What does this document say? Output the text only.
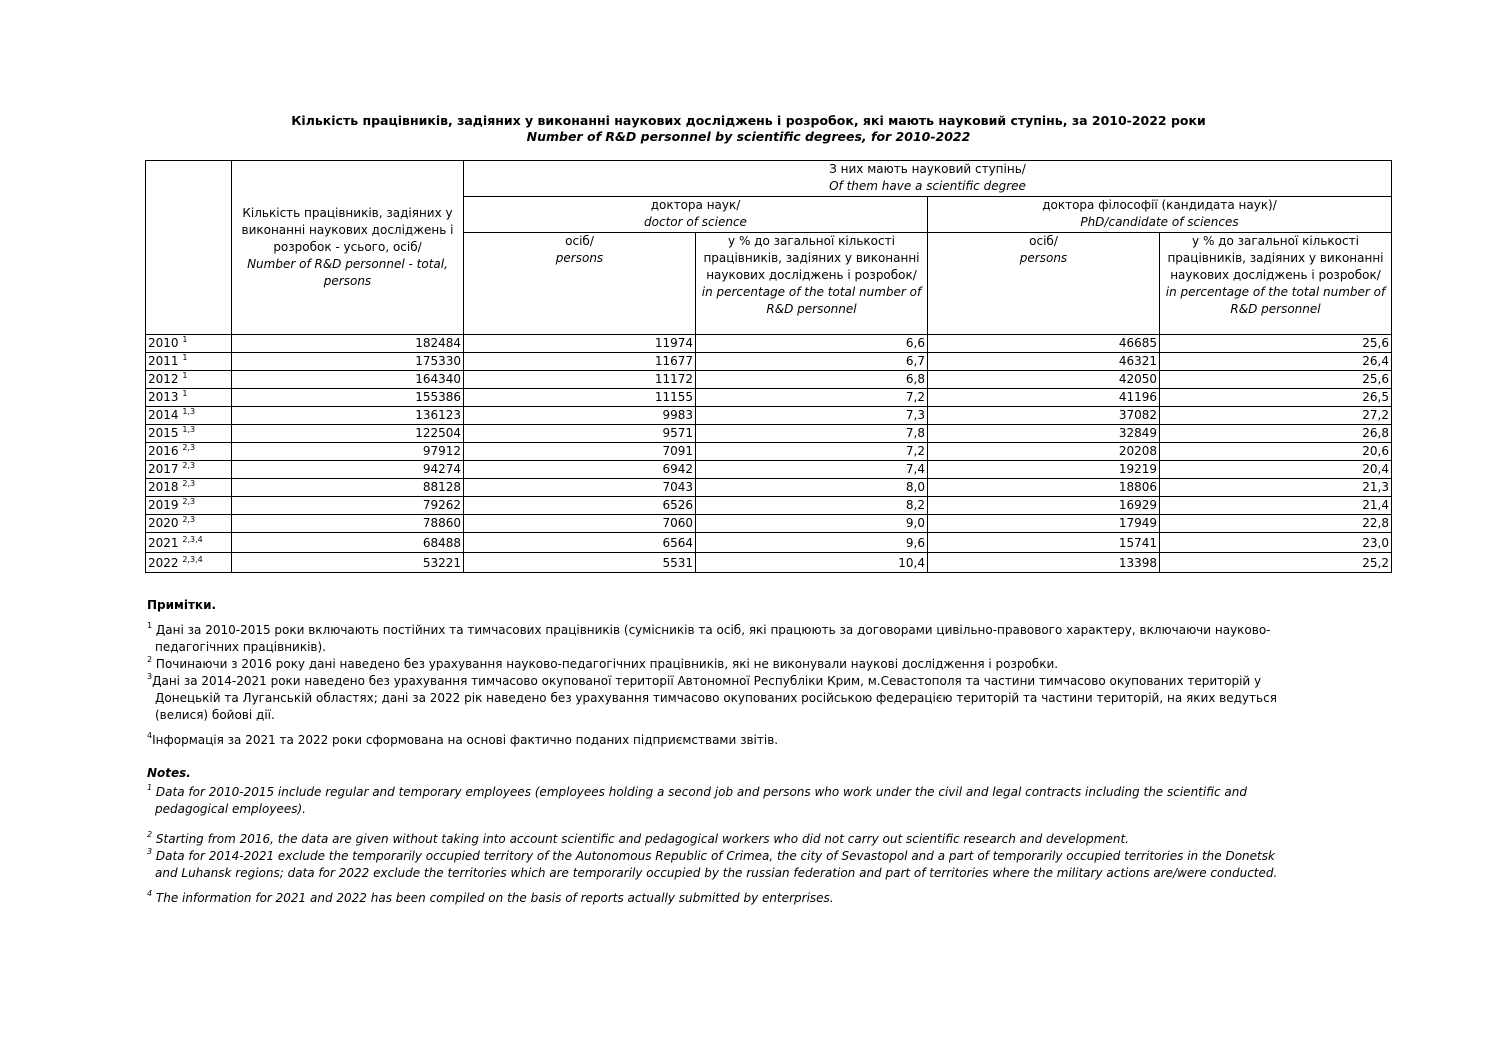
Кількість працівників, задіяних у виконанні наукових досліджень і розробок, які мають науковий ступінь, за 2010-2022 роки
Number of R&D personnel by scientific degrees, for 2010-2022
	Кількість працівників, задіяних у виконанні наукових досліджень і розробок - усього, осіб/
Number of R&D personnel - total, persons	З них мають науковий ступінь/
Of them have a scientific degree			
		доктора наук/
doctor of science		доктора філософії (кандидата наук)/
PhD/candidate of sciences	
		осіб/
persons	у % до загальної кількості працівників, задіяних у виконанні наукових досліджень і розробок/
in percentage of the total number of R&D personnel	осіб/
persons	у % до загальної кількості працівників, задіяних у виконанні наукових досліджень і розробок/
in percentage of the total number of R&D personnel
2010 $^1$	182484	11974	6,6	46685	25,6
2011 $^1$	175330	11677	6,7	46321	26,4
2012 $^1$	164340	11172	6,8	42050	25,6
2013 $^1$	155386	11155	7,2	41196	26,5
2014 $^{1,3}$	136123	9983	7,3	37082	27,2
2015 $^{1,3}$	122504	9571	7,8	32849	26,8
2016 $^{2,3}$	97912	7091	7,2	20208	20,6
2017 $^{2,3}$	94274	6942	7,4	19219	20,4
2018 $^{2,3}$	88128	7043	8,0	18806	21,3
2019 $^{2,3}$	79262	6526	8,2	16929	21,4
2020 $^{2,3}$	78860	7060	9,0	17949	22,8
2021 $^{2,3,4}$	68488	6564	9,6	15741	23,0
2022 $^{2,3,4}$	53221	5531	10,4	13398	25,2

Примітки.

$^1$ Дані за 2010-2015 роки включають постійних та тимчасових працівників (сумісників та осіб, які працюють за договорами цивільно-правового характеру, включаючи науково-

педагогічних працівників).

$^2$ Починаючи з 2016 року дані наведено без урахування науково-педагогічних працівників, які не виконували наукові дослідження і розробки.

$^3$Дані за 2014-2021 роки наведено без урахування тимчасово окупованої території Автономної Республіки Крим, м.Севастополя та частини тимчасово окупованих територій у

Донецькій та Луганській областях; дані за 2022 рік наведено без урахування тимчасово окупованих російською федерацією територій та частини територій, на яких ведуться

(велися) бойові дії.

$^4$Інформація за 2021 та 2022 роки сформована на основі фактично поданих підприємствами звітів.

Notes.

$^1$ Data for 2010-2015 include regular and temporary employees (employees holding a second job and persons who work under the civil and legal contracts including the scientific and

pedagogical employees).

$^2$ Starting from 2016, the data are given without taking into account scientific and pedagogical workers who did not carry out scientific research and development.

$^3$ Data for 2014-2021 exclude the temporarily occupied territory of the Autonomous Republic of Crimea, the city of Sevastopol and a part of temporarily occupied territories in the Donetsk

and Luhansk regions; data for 2022 exclude the territories which are temporarily occupied by the russian federation and part of territories where the military actions are/were conducted.

$^4$ The information for 2021 and 2022 has been compiled on the basis of reports actually submitted by enterprises.
